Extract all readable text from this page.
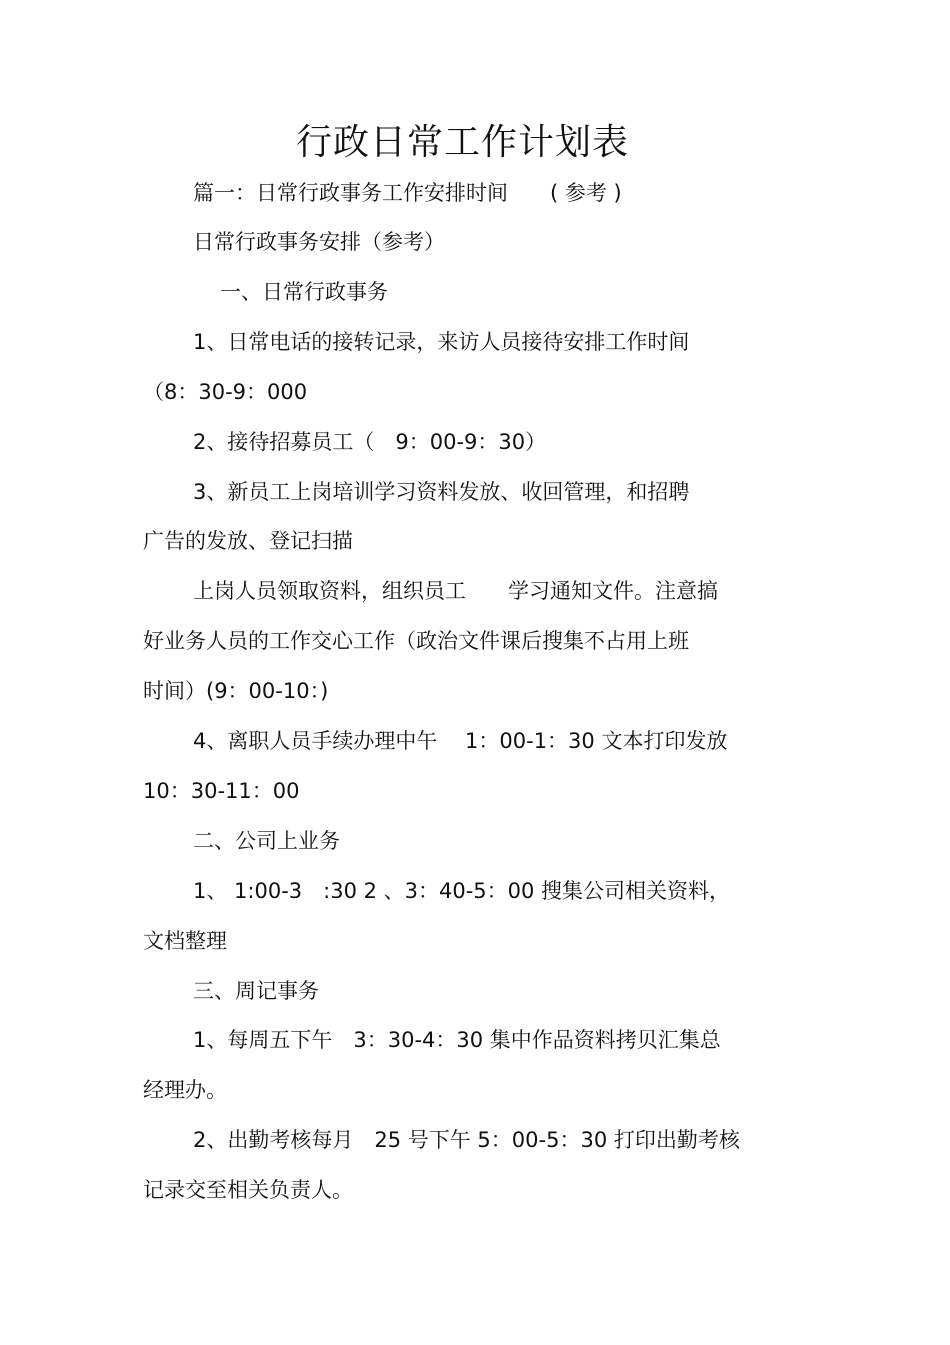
行政日常工作计划表
篇一：日常行政事务工作安排时间　　( 参考 )
日常行政事务安排（参考）
一、日常行政事务
1、日常电话的接转记录，来访人员接待安排工作时间
（8：30-9：000
2、接待招募员工（　9：00-9：30）
3、新员工上岗培训学习资料发放、收回管理，和招聘
广告的发放、登记扫描
上岗人员领取资料，组织员工　　学习通知文件。注意搞
好业务人员的工作交心工作（政治文件课后搜集不占用上班
时间）(9：00-10：)
4、离职人员手续办理中午　 1：00-1：30 文本打印发放
10：30-11：00
二、公司上业务
1、 1:00-3　:30 2 、3：40-5：00 搜集公司相关资料，
文档整理
三、周记事务
1、每周五下午　3：30-4：30 集中作品资料拷贝汇集总
经理办。
2、出勤考核每月　25 号下午 5：00-5：30 打印出勤考核
记录交至相关负责人。
